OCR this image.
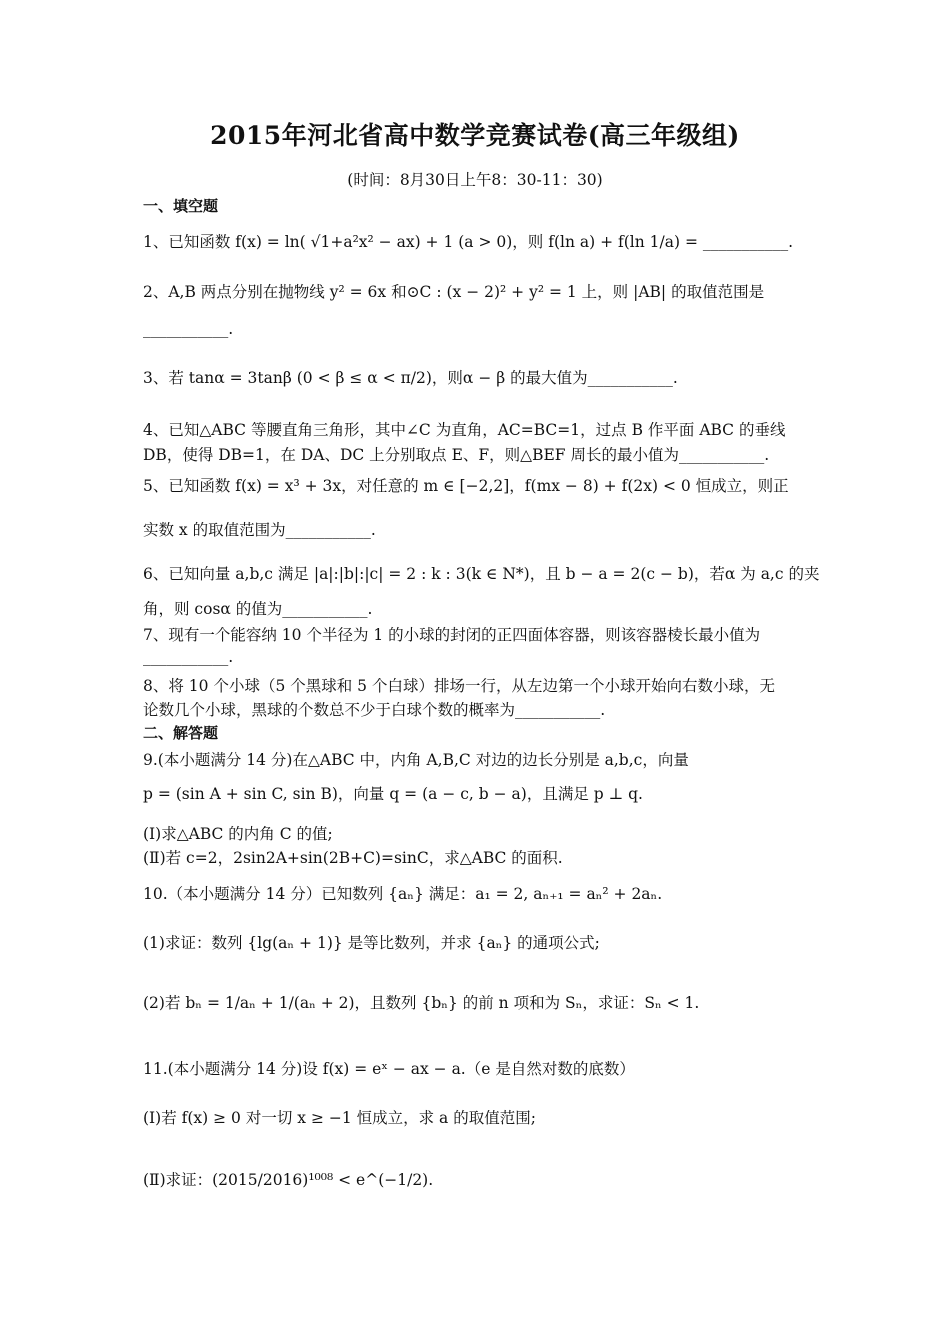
2015年河北省高中数学竞赛试卷(高三年级组)
(时间：8月30日上午8：30-11：30)
一、填空题
1、已知函数 f(x) = ln( √1+a²x² − ax) + 1 (a > 0)，则 f(ln a) + f(ln 1/a) = ___________.
2、A,B 两点分别在抛物线 y² = 6x 和⊙C : (x − 2)² + y² = 1 上，则 |AB| 的取值范围是
___________.
3、若 tanα = 3tanβ (0 < β ≤ α < π/2)，则α − β 的最大值为___________.
4、已知△ABC 等腰直角三角形，其中∠C 为直角，AC=BC=1，过点 B 作平面 ABC 的垂线
DB，使得 DB=1，在 DA、DC 上分别取点 E、F，则△BEF 周长的最小值为___________.
5、已知函数 f(x) = x³ + 3x，对任意的 m ∈ [−2,2]，f(mx − 8) + f(2x) < 0 恒成立，则正
实数 x 的取值范围为___________.
6、已知向量 a,b,c 满足 |a|:|b|:|c| = 2 : k : 3(k ∈ N*)，且 b − a = 2(c − b)，若α 为 a,c 的夹
角，则 cosα 的值为___________.
7、现有一个能容纳 10 个半径为 1 的小球的封闭的正四面体容器，则该容器棱长最小值为
___________.
8、将 10 个小球（5 个黑球和 5 个白球）排场一行，从左边第一个小球开始向右数小球，无
论数几个小球，黑球的个数总不少于白球个数的概率为___________.
二、解答题
9.(本小题满分 14 分)在△ABC 中，内角 A,B,C 对边的边长分别是 a,b,c，向量
p = (sin A + sin C, sin B)，向量 q = (a − c, b − a)，且满足 p ⊥ q.
(Ⅰ)求△ABC 的内角 C 的值;
(Ⅱ)若 c=2，2sin2A+sin(2B+C)=sinC，求△ABC 的面积.
10.（本小题满分 14 分）已知数列 {aₙ} 满足：a₁ = 2, aₙ₊₁ = aₙ² + 2aₙ.
(1)求证：数列 {lg(aₙ + 1)} 是等比数列，并求 {aₙ} 的通项公式;
(2)若 bₙ = 1/aₙ + 1/(aₙ + 2)，且数列 {bₙ} 的前 n 项和为 Sₙ，求证：Sₙ < 1.
11.(本小题满分 14 分)设 f(x) = eˣ − ax − a.（e 是自然对数的底数）
(Ⅰ)若 f(x) ≥ 0 对一切 x ≥ −1 恒成立，求 a 的取值范围;
(Ⅱ)求证：(2015/2016)¹⁰⁰⁸ < e^(−1/2).
